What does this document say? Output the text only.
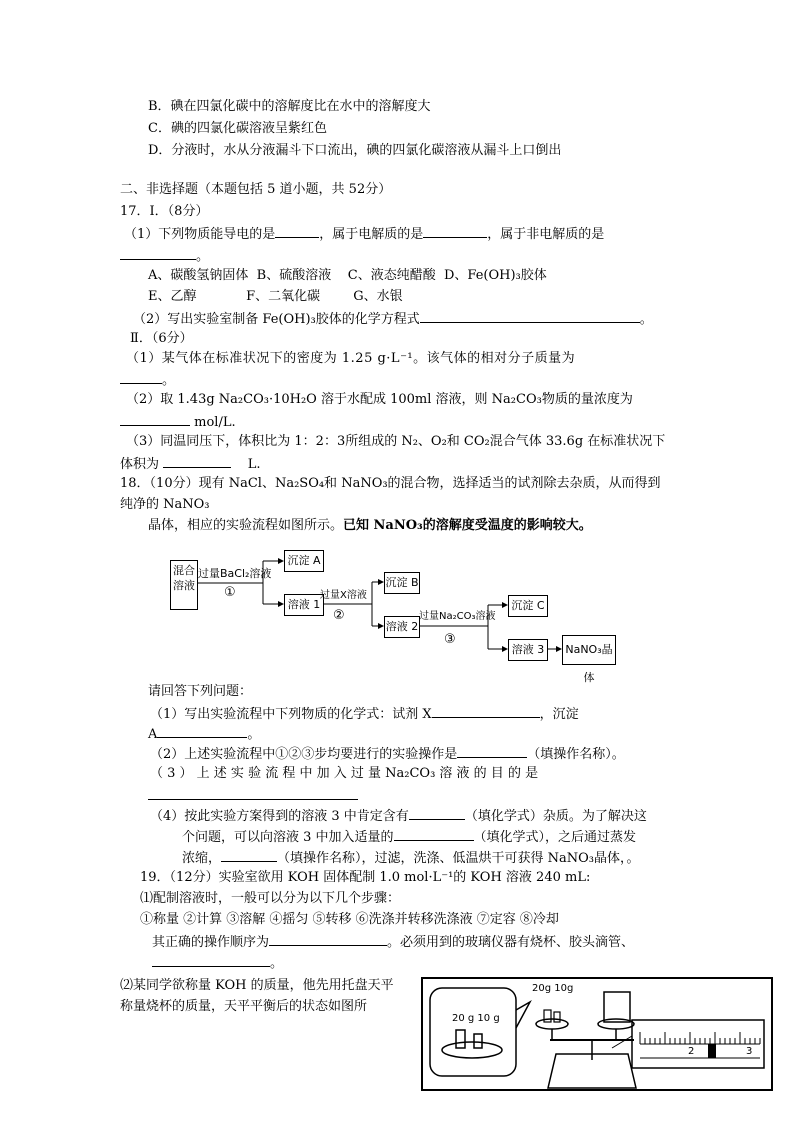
B．碘在四氯化碳中的溶解度比在水中的溶解度大
C．碘的四氯化碳溶液呈紫红色
D．分液时，水从分液漏斗下口流出，碘的四氯化碳溶液从漏斗上口倒出
二、非选择题（本题包括 5 道小题，共 52分）
17．Ⅰ．（8分）
（1）下列物质能导电的是	，属于电解质的是	，属于非电解质的是
。
A、碳酸氢钠固体 B、硫酸溶液 C、液态纯醋酸 D、Fe(OH)₃胶体
E、乙醇	F、二氧化碳	G、水银
（2）写出实验室制备 Fe(OH)₃胶体的化学方程式	。
Ⅱ．（6分）
（1）某气体在标准状况下的密度为 1.25 g·L⁻¹。该气体的相对分子质量为
。
（2）取 1.43g Na₂CO₃·10H₂O 溶于水配成 100ml 溶液，则 Na₂CO₃物质的量浓度为
mol/L.
（3）同温同压下，体积比为 1：2：3所组成的 N₂、O₂和 CO₂混合气体 33.6g 在标准状况下
体积为	L.
18．（10分）现有 NaCl、Na₂SO₄和 NaNO₃的混合物，选择适当的试剂除去杂质，从而得到
纯净的 NaNO₃
晶体，相应的实验流程如图所示。已知 NaNO₃的溶解度受温度的影响较大。
混合溶液
过量BaCl₂溶液
①
沉淀 A
溶液 1
过量X溶液
②
沉淀 B
溶液 2
过量Na₂CO₃溶液
③
沉淀 C
溶液 3	NaNO₃晶体
请回答下列问题：
（1）写出实验流程中下列物质的化学式：试剂 X	，沉淀
A	。
（2）上述实验流程中①②③步均要进行的实验操作是	（填操作名称）。
（ 3 ） 上 述 实 验 流 程 中 加 入 过 量 Na₂CO₃ 溶 液 的 目 的 是
（4）按此实验方案得到的溶液 3 中肯定含有	（填化学式）杂质。为了解决这
个问题，可以向溶液 3 中加入适量的	（填化学式），之后通过蒸发
浓缩，	（填操作名称），过滤，洗涤、低温烘干可获得 NaNO₃晶体，。
19．（12分）实验室欲用 KOH 固体配制 1.0 mol·L⁻¹的 KOH 溶液 240 mL:
⑴配制溶液时，一般可以分为以下几个步骤：
①称量 ②计算 ③溶解 ④摇匀 ⑤转移 ⑥洗涤并转移洗涤液 ⑦定容 ⑧冷却
其正确的操作顺序为	。必须用到的玻璃仪器有烧杯、胶头滴管、
。
⑵某同学欲称量 KOH 的质量，他先用托盘天平
称量烧杯的质量，天平平衡后的状态如图所
20 g 10 g
20g 10g
2	3
